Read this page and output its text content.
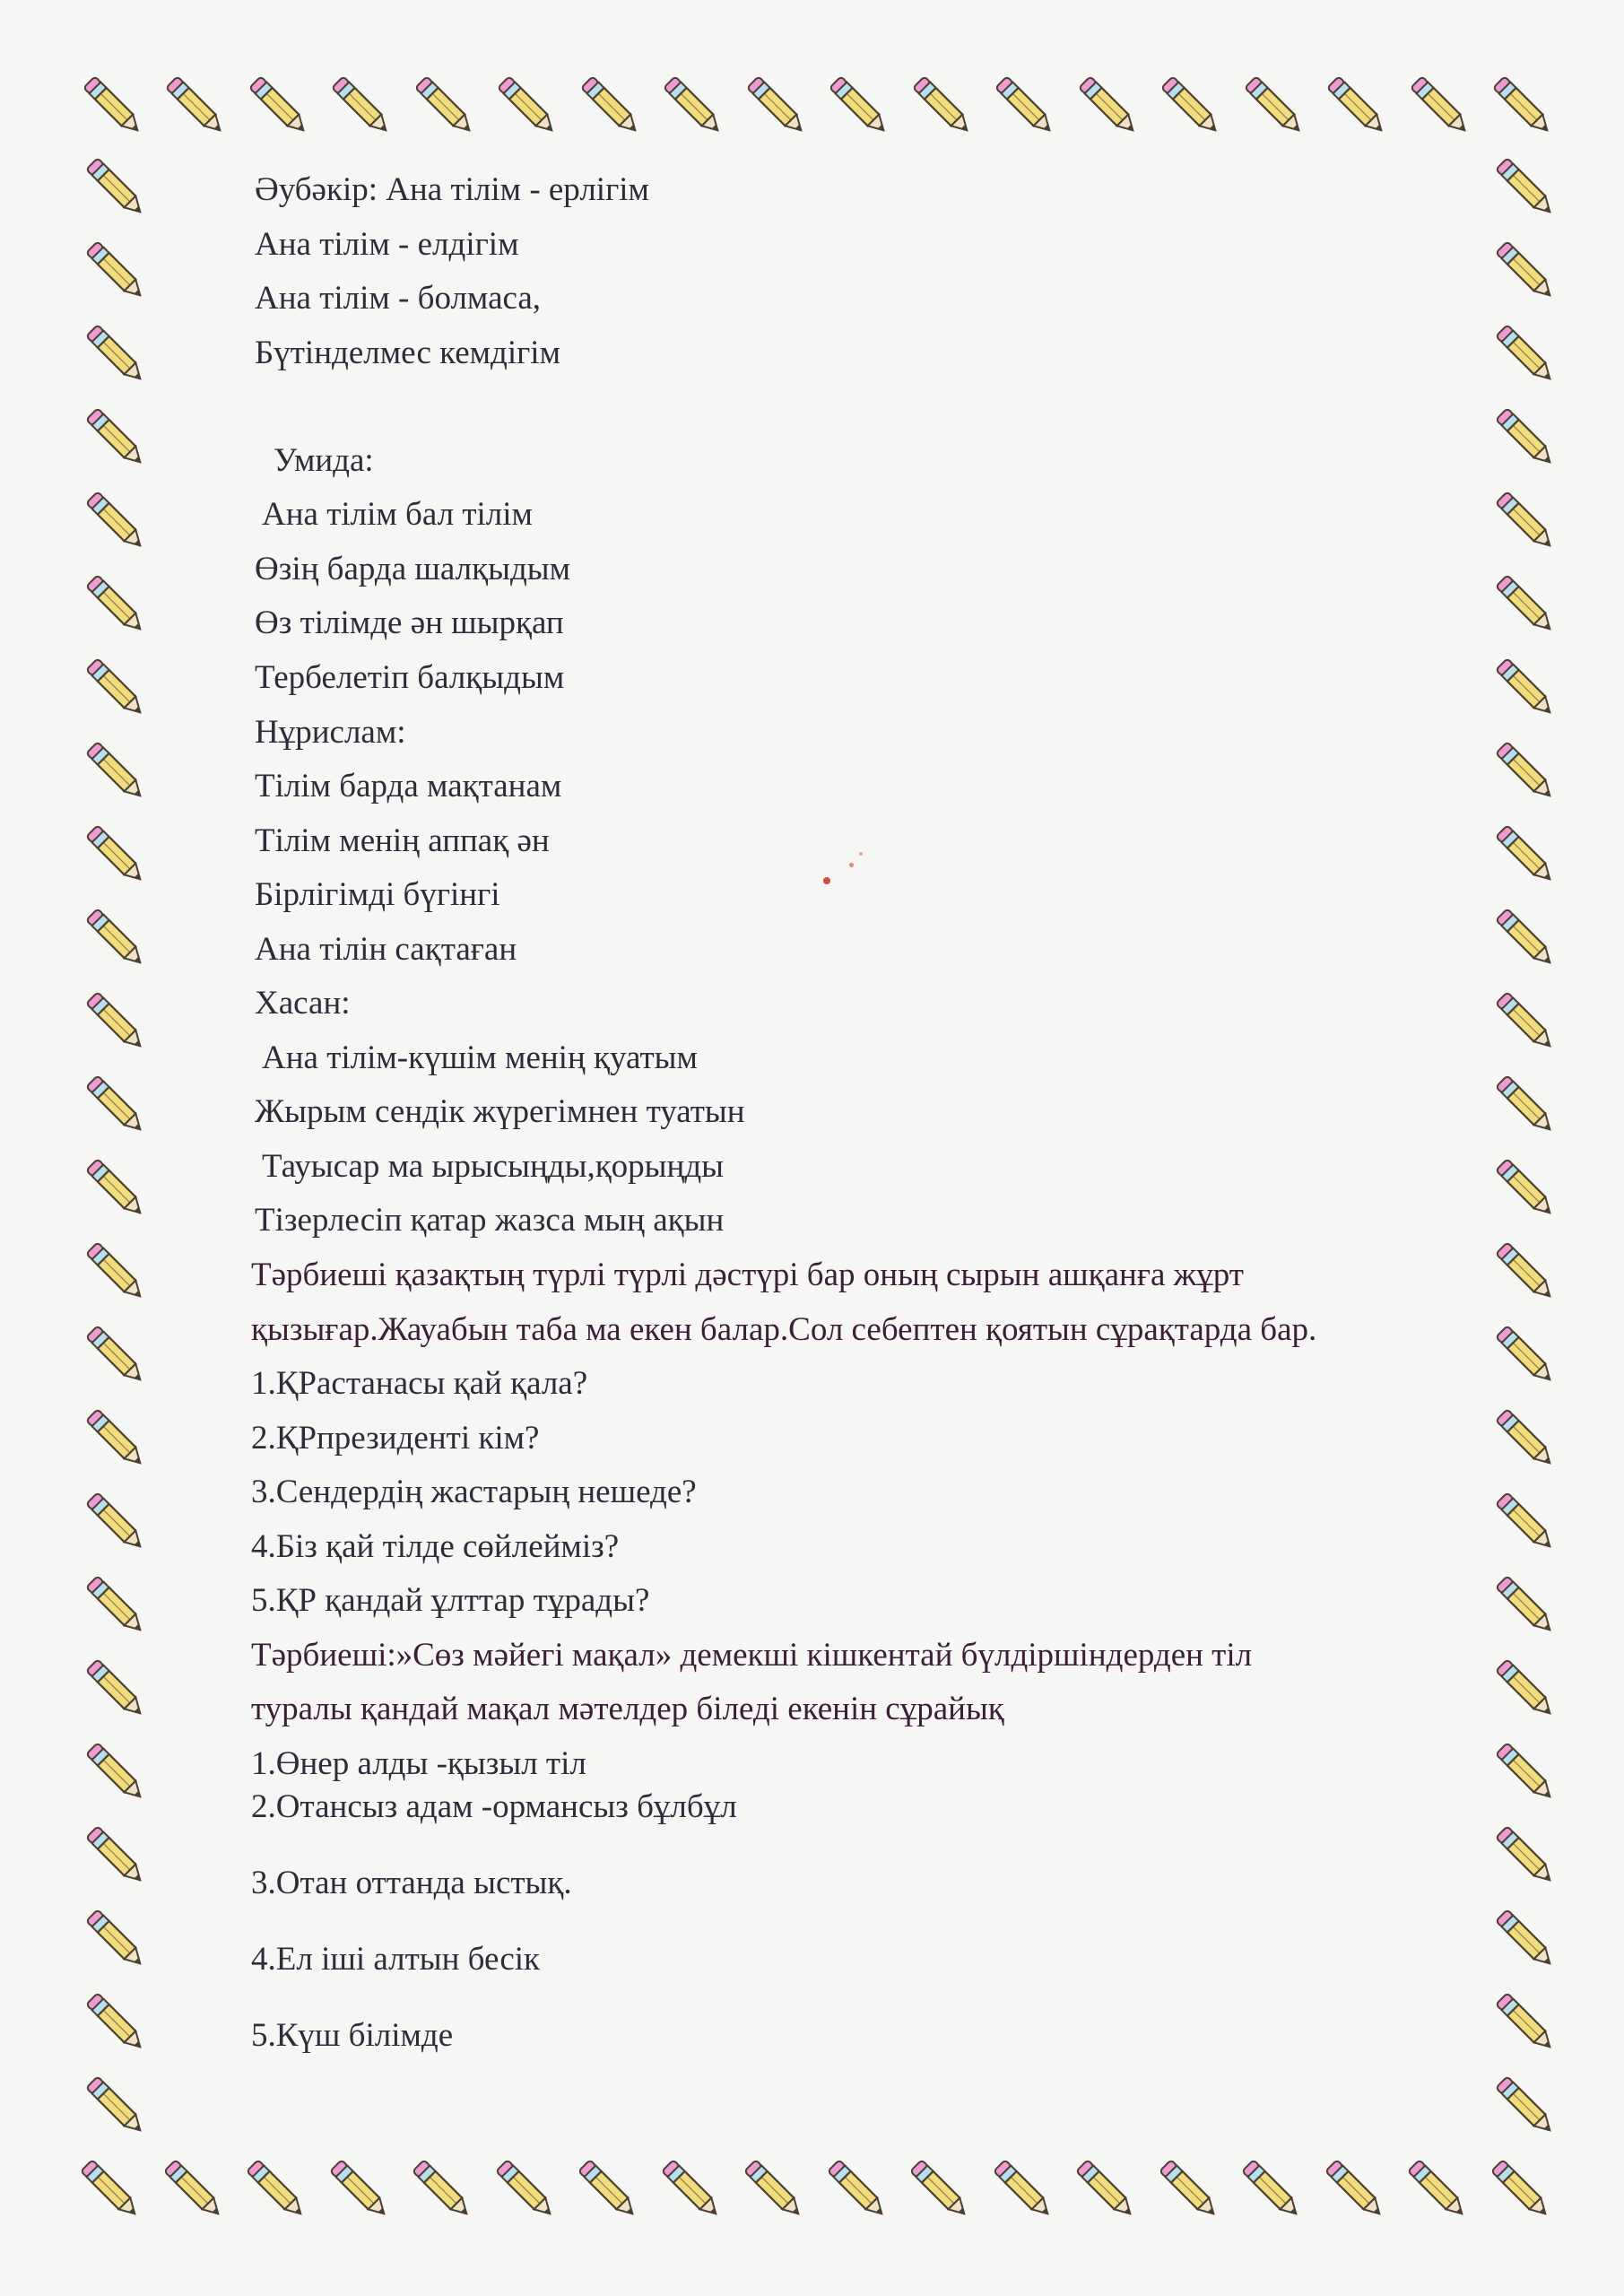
Әубәкір: Ана тілім - ерлігім
Ана тілім - елдігім
Ана тілім - болмаса,
Бүтінделмес кемдігім
Умида:
Ана тілім бал тілім
Өзің барда шалқыдым
Өз тілімде ән шырқап
Тербелетіп балқыдым
Нұрислам:
Тілім барда мақтанам
Тілім менің аппақ ән
Бірлігімді бүгінгі
Ана тілін сақтаған
Хасан:
Ана тілім-күшім менің қуатым
Жырым сендік жүрегімнен туатын
Тауысар ма ырысыңды,қорыңды
Тізерлесіп қатар жазса мың ақын
Тәрбиеші қазақтың түрлі түрлі дәстүрі бар оның сырын ашқанға жұрт
қызығар.Жауабын таба ма екен балар.Сол себептен қоятын сұрақтарда бар.
1.ҚРастанасы қай қала?
2.ҚРпрезиденті кім?
3.Сендердің жастарың нешеде?
4.Біз қай тілде сөйлейміз?
5.ҚР қандай ұлттар тұрады?
Тәрбиеші:»Сөз мәйегі мақал» демекші кішкентай бүлдіршіндерден тіл
туралы қандай мақал мәтелдер біледі екенін сұрайық
1.Өнер алды -қызыл тіл
2.Отансыз адам -ормансыз бұлбұл
3.Отан оттанда ыстық.
4.Ел іші алтын бесік
5.Күш білімде
